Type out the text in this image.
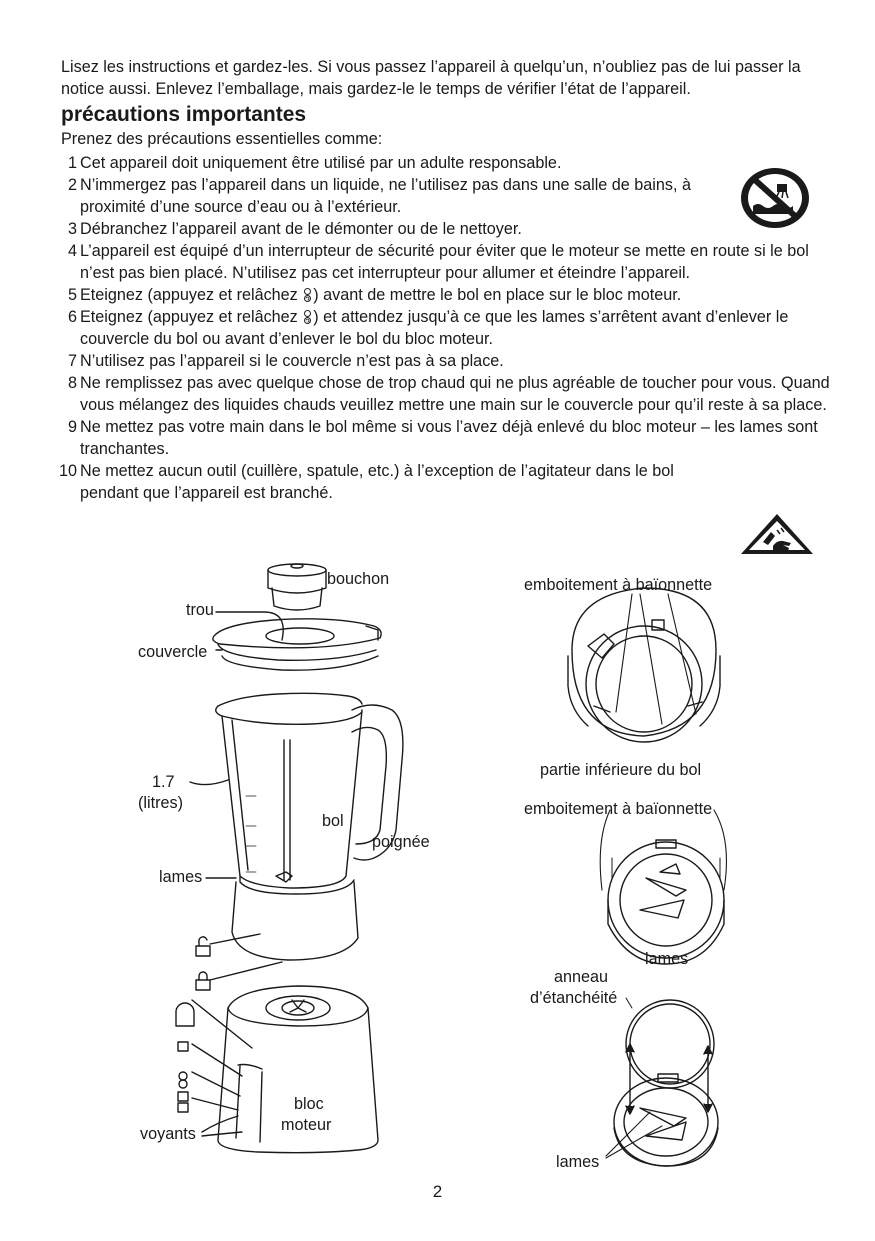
Lisez les instructions et gardez-les. Si vous passez l’appareil à quelqu’un, n’oubliez pas de lui passer la notice aussi. Enlevez l’emballage, mais gardez-le le temps de vérifier l’état de l’appareil.

précautions importantes

Prenez des précautions essentielles comme:

1 Cet appareil doit uniquement être utilisé par un adulte responsable.
2 N’immergez pas l’appareil dans un liquide, ne l’utilisez pas dans une salle de bains, à proximité d’une source d’eau ou à l’extérieur.
3 Débranchez l’appareil avant de le démonter ou de le nettoyer.
4 L’appareil est équipé d’un interrupteur de sécurité pour éviter que le moteur se mette en route si le bol n’est pas bien placé. N’utilisez pas cet interrupteur pour allumer et éteindre l’appareil.
5 Eteignez (appuyez et relâchez ) avant de mettre le bol en place sur le bloc moteur.
6 Eteignez (appuyez et relâchez ) et attendez jusqu’à ce que les lames s’arrêtent avant d’enlever le couvercle du bol ou avant d’enlever le bol du bloc moteur.
7 N’utilisez pas l’appareil si le couvercle n’est pas à sa place.
8 Ne remplissez pas avec quelque chose de trop chaud qui ne plus agréable de toucher pour vous. Quand vous mélangez des liquides chauds veuillez mettre une main sur le couvercle pour qu’il reste à sa place.
9 Ne mettez pas votre main dans le bol même si vous l’avez déjà enlevé du bloc moteur – les lames sont tranchantes.
10 Ne mettez aucun outil (cuillère, spatule, etc.) à l’exception de l’agitateur dans le bol pendant que l’appareil est branché.
bouchon
trou
couvercle
1.7
(litres)
bol
poignée
lames
bloc
moteur
voyants
emboitement à baïonnette
partie inférieure du bol
emboitement à baïonnette
lames
anneau
d’étanchéité
lames
2
